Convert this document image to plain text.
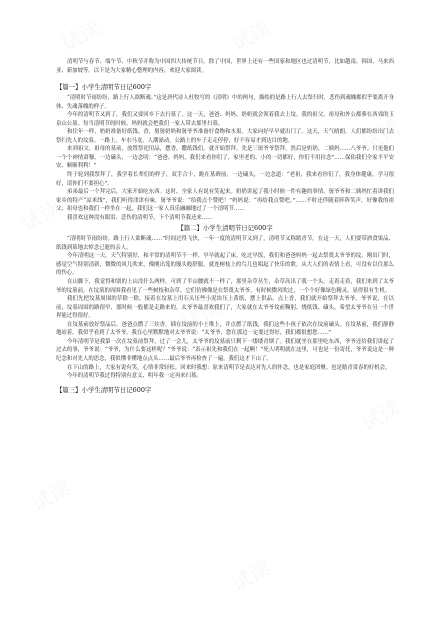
清明节与春节、端午节、中秋节并称为中国四大传统节日。除了中国，世界上还有一些国家和地区也过清明节，比如越南、韩国、马来西亚、新加坡等。以下是为大家精心整理的内容，欢迎大家阅读。

【篇一】小学生清明节日记600字

“清明时节雨纷纷，路上行人欲断魂。”这是唐代诗人杜牧写的《清明》中的两句，描绘的是路上行人去祭扫时，悲伤到魂魄都似乎要离开身体、失魂落魄的样子。

今年的清明节又到了，我们又要回乡下去扫墓了。这一天，爸爸、妈妈、奶奶就会领着我去上坟。我的祖父、祖母和外公都葬在西郊的玉泉山公墓。每当清明节的时候，妈妈就会把我们一家人带去那里扫墓。

和往年一样，奶奶准备好纸钱、香，舅舅奶奶和舅爷爷准备好食物和水果。大家向好早早就出门了。这天，天气晴朗，人们都纷纷出门去祭扫先人的坟墓。一路上，车水马龙，人潮涌动，公路上的车子走走停停，好不容易才到达目的地。

来到祖父、祖母的墓前，放置祭祀用品，摆香、撒纸钱们，就开始祭拜。先是三舅爷爷祭拜，然后是奶奶、二姨妈……八爷爷。只见他们一个个神情肃穆，一边磕头，一边念叨：“爸爸、妈妈，我们来看你们了，家里老的、小的一切都好，你们不用挂念”……保佑我们全家平平安安、顺顺利利！”

终于轮到我祭拜了，我学着长辈们的样子，双手合十，跪在墓碑前，一边磕头，一边念道：“老祖，我来看你们了，我身体健康，学习很好，请你们不要担心”。

弟弟最后一个拜完后，大家开始吃东西。这时，全家人有说有笑起来。奶奶讲起了我小时候一件有趣的事情。舅爷爷和二姨妈忙着讲我们家乡的特产“凉米线”，我们听得津津有味。舅爷爷说：“给我点个赞吧！”妈妈说：“再给我点赞吧。”……不时还伴随着阵阵笑声，好像我的祖父、祖母也和我们一样坐在一起，我们这一家人真乐融融地过了一个清明节……

我喜欢这种没有眼泪、悲伤的清明节，下个清明节我还来……

【篇二】小学生清明节日记600字

“清明时节雨纷纷，路上行人欲断魂……”时间过得飞快，一年一度的清明节又到了，清明节又称踏青节，在这一天，人们要带酒食果品、纸钱到墓地去悼念已逝的亲人。

今年清明这一天，天气特别好，和平常的清明节不一样，早早就起了床。吃过早饭，我们和爸爸妈妈一起去祭奠太爷爷的坟。刚出门时，感觉空气特别清新，微微的风儿吹来，像刚出笼的馒头般舒服，就连树枝上的鸟儿也唱起了快乐的歌。从大人们的表情上看，可没有以往那么的伤心。

在山脚下，我觉得和别的上山没什么两样，可到了半山腰就不一样了，那里杂草丛生，杂草高出了我一个头。走着走着，我们来到了太爷爷的坟墓前，在坟墓的周围我看见了一些树枝和杂草，它们仿佛像是在祭奠太爷爷，有时候微风吹过，一个个好像绿色精灵，显得很有生机。

我们先把坟墓周围的草除一除，接着在坟墓上用石头压些小泥块压上黄纸，摆上供品，点上香，我们就开始祭拜太爷爷。爷爷说，在以前，坟墓周围的路很窄，那时候一般都是走路来的，太爷爷最喜欢我们了，大家就在太爷爷坟前鞠躬、烧纸钱、磕头，希望太爷爷在另一个世界能过得很好。

在坟墓前放好祭品后，爸爸点燃了三炷香，插在坟前的小土堆上，并点燃了纸钱，我们这些小孩子依次在坟前磕头。在坟墓前，我们静静地站着，我似乎看到了太爷爷，我在心里默默地对太爷爷说：“太爷爷，您在那边一定要过得好，我们都很想您……”

今年清明节是我第一次在坟墓前祭拜，过了一会儿，太爷爷的坟墓前只剩下一缕缕青烟了。我们就坐在那里吃东西，爷爷还给我们讲起了过去的事，爷爷说：“爷爷，为什么要这样呢？”爷爷说：“表示祖先和我们在一起啊！”死人明明就在这里，可也是一份寄托，爷爷说这是一种纪念和对先人的思念，我似懂非懂地点点头……最后爷爷再检查了一遍，我们这才下山了。

在下山的路上，大家有说有笑，心情非常轻松。回来时我想：原来清明节是表达对先人的怀念，也是家庭团聚、也是踏青赏春的好机会。

今年的清明节我过得特别有意义，明年我一定再来扫墓。

【篇三】小学生清明节日记600字
